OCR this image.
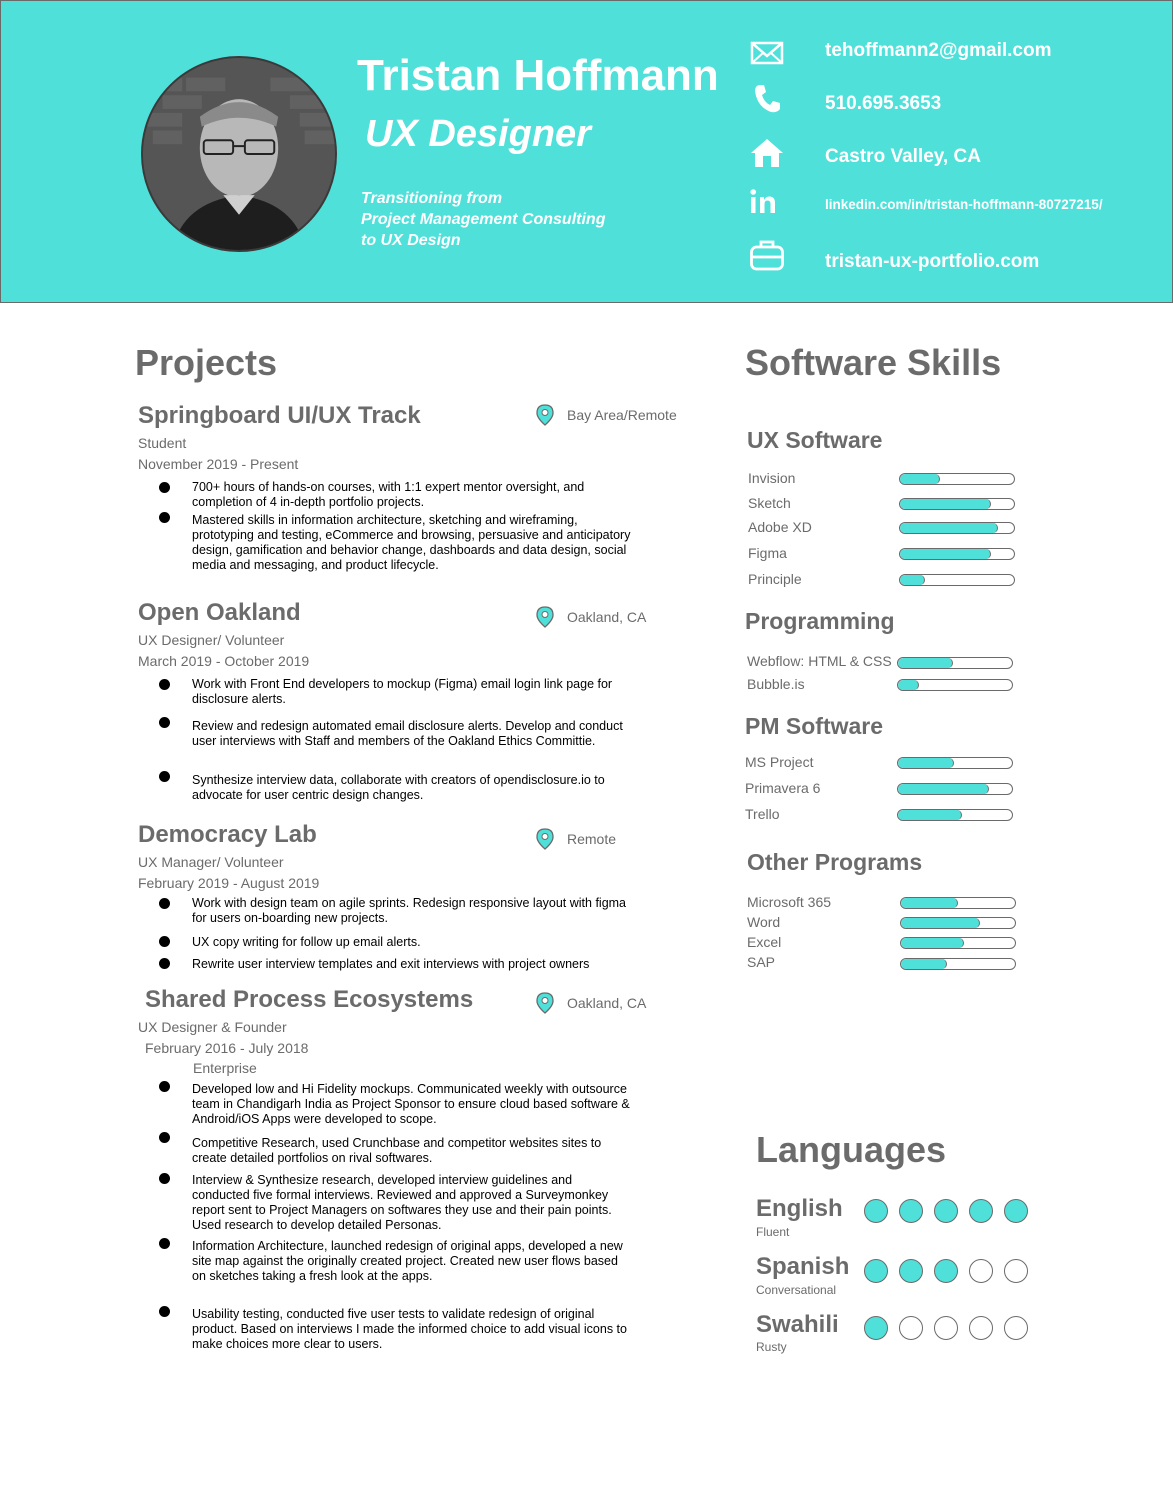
Tristan Hoffmann
UX Designer
Transitioning from
Project Management Consulting
to UX Design
tehoffmann2@gmail.com
510.695.3653
Castro Valley, CA
linkedin.com/in/tristan-hoffmann-80727215/
tristan-ux-portfolio.com
Projects
Springboard UI/UX Track	Bay Area/Remote
Student
November 2019 - Present
700+ hours of hands-on courses, with 1:1 expert mentor oversight, and completion of 4 in-depth portfolio projects.
Mastered skills in information architecture, sketching and wireframing, prototyping and testing, eCommerce and browsing, persuasive and anticipatory design, gamification and behavior change, dashboards and data design, social media and messaging, and product lifecycle.
Open Oakland	Oakland, CA
UX Designer/ Volunteer
March 2019 - October 2019
Work with Front End developers to mockup (Figma) email login link page for disclosure alerts.
Review and redesign automated email disclosure alerts. Develop and conduct user interviews with Staff and members of the Oakland Ethics Committie.
Synthesize interview data, collaborate with creators of opendisclosure.io to advocate for user centric design changes.
Democracy Lab	Remote
UX Manager/ Volunteer
February 2019 - August 2019
Work with design team on agile sprints. Redesign responsive layout with figma for users on-boarding new projects.
UX copy writing for follow up email alerts.
Rewrite user interview templates and exit interviews with project owners
Shared Process Ecosystems	Oakland, CA
UX Designer & Founder
February 2016 - July 2018
Enterprise
Developed low and Hi Fidelity mockups. Communicated weekly with outsource team in Chandigarh India as Project Sponsor to ensure cloud based software & Android/iOS Apps were developed to scope.
Competitive Research, used Crunchbase and competitor websites sites to create detailed portfolios on rival softwares.
Interview & Synthesize research, developed interview guidelines and conducted five formal interviews. Reviewed and approved a Surveymonkey report sent to Project Managers on softwares they use and their pain points. Used research to develop detailed Personas.
Information Architecture, launched redesign of original apps, developed a new site map against the originally created project. Created new user flows based on sketches taking a fresh look at the apps.
Usability testing, conducted five user tests to validate redesign of original product. Based on interviews I made the informed choice to add visual icons to make choices more clear to users.
Software Skills
UX Software
Invision
Sketch
Adobe XD
Figma
Principle
Programming
Webflow: HTML & CSS
Bubble.is
PM Software
MS Project
Primavera 6
Trello
Other Programs
Microsoft 365
Word
Excel
SAP
Languages
English
Fluent
Spanish
Conversational
Swahili
Rusty
